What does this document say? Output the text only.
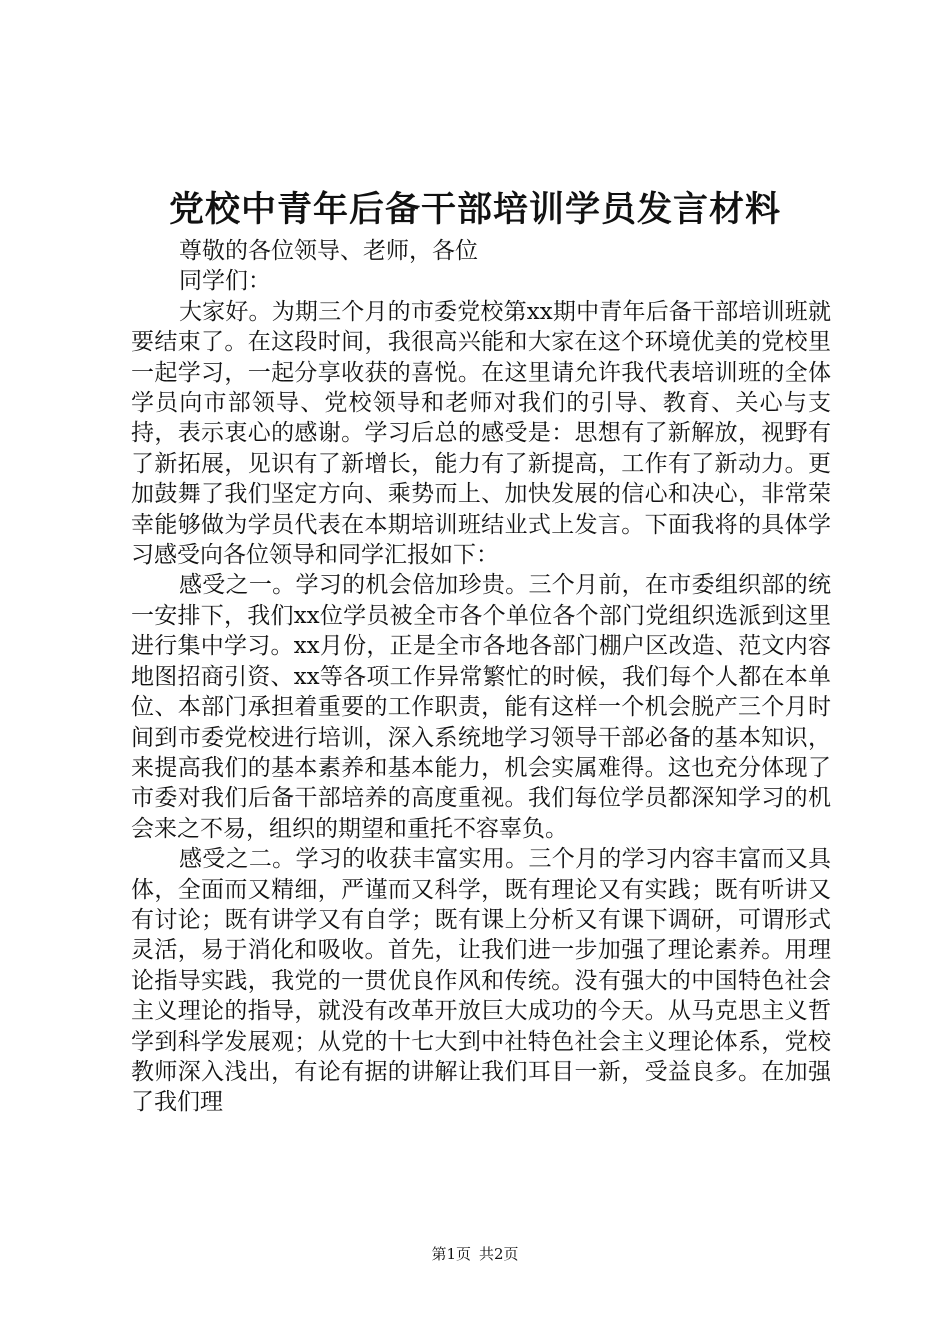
党校中青年后备干部培训学员发言材料

尊敬的各位领导、老师，各位

同学们：

大家好。为期三个月的市委党校第xx期中青年后备干部培训班就要结束了。在这段时间，我很高兴能和大家在这个环境优美的党校里一起学习，一起分享收获的喜悦。在这里请允许我代表培训班的全体学员向市部领导、党校领导和老师对我们的引导、教育、关心与支持，表示衷心的感谢。学习后总的感受是：思想有了新解放，视野有了新拓展，见识有了新增长，能力有了新提高，工作有了新动力。更加鼓舞了我们坚定方向、乘势而上、加快发展的信心和决心，非常荣幸能够做为学员代表在本期培训班结业式上发言。下面我将的具体学习感受向各位领导和同学汇报如下：

感受之一。学习的机会倍加珍贵。三个月前，在市委组织部的统一安排下，我们xx位学员被全市各个单位各个部门党组织选派到这里进行集中学习。xx月份，正是全市各地各部门棚户区改造、范文内容地图招商引资、xx等各项工作异常繁忙的时候，我们每个人都在本单位、本部门承担着重要的工作职责，能有这样一个机会脱产三个月时间到市委党校进行培训，深入系统地学习领导干部必备的基本知识，来提高我们的基本素养和基本能力，机会实属难得。这也充分体现了市委对我们后备干部培养的高度重视。我们每位学员都深知学习的机会来之不易，组织的期望和重托不容辜负。

感受之二。学习的收获丰富实用。三个月的学习内容丰富而又具体，全面而又精细，严谨而又科学，既有理论又有实践；既有听讲又有讨论；既有讲学又有自学；既有课上分析又有课下调研，可谓形式灵活，易于消化和吸收。首先，让我们进一步加强了理论素养。用理论指导实践，我党的一贯优良作风和传统。没有强大的中国特色社会主义理论的指导，就没有改革开放巨大成功的今天。从马克思主义哲学到科学发展观；从党的十七大到中社特色社会主义理论体系，党校教师深入浅出，有论有据的讲解让我们耳目一新，受益良多。在加强了我们理

第1页 共2页
